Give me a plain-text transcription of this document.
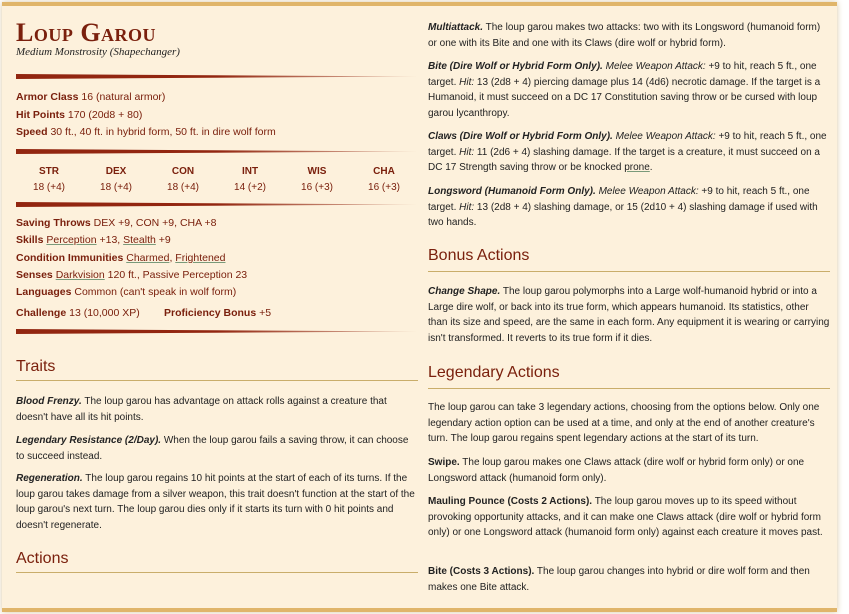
Loup Garou
Medium Monstrosity (Shapechanger)
Armor Class 16 (natural armor)
Hit Points 170 (20d8 + 80)
Speed 30 ft., 40 ft. in hybrid form, 50 ft. in dire wolf form
STR
18 (+4)
DEX
18 (+4)
CON
18 (+4)
INT
14 (+2)
WIS
16 (+3)
CHA
16 (+3)
Saving Throws DEX +9, CON +9, CHA +8
Skills Perception +13, Stealth +9
Condition Immunities Charmed, Frightened
Senses Darkvision 120 ft., Passive Perception 23
Languages Common (can't speak in wolf form)
Challenge 13 (10,000 XP) Proficiency Bonus +5
Traits
Blood Frenzy. The loup garou has advantage on attack rolls against a creature that doesn't have all its hit points.
Legendary Resistance (2/Day). When the loup garou fails a saving throw, it can choose to succeed instead.
Regeneration. The loup garou regains 10 hit points at the start of each of its turns. If the loup garou takes damage from a silver weapon, this trait doesn't function at the start of the loup garou's next turn. The loup garou dies only if it starts its turn with 0 hit points and doesn't regenerate.
Actions
Multiattack. The loup garou makes two attacks: two with its Longsword (humanoid form) or one with its Bite and one with its Claws (dire wolf or hybrid form).
Bite (Dire Wolf or Hybrid Form Only). Melee Weapon Attack: +9 to hit, reach 5 ft., one target. Hit: 13 (2d8 + 4) piercing damage plus 14 (4d6) necrotic damage. If the target is a Humanoid, it must succeed on a DC 17 Constitution saving throw or be cursed with loup garou lycanthropy.
Claws (Dire Wolf or Hybrid Form Only). Melee Weapon Attack: +9 to hit, reach 5 ft., one target. Hit: 11 (2d6 + 4) slashing damage. If the target is a creature, it must succeed on a DC 17 Strength saving throw or be knocked prone.
Longsword (Humanoid Form Only). Melee Weapon Attack: +9 to hit, reach 5 ft., one target. Hit: 13 (2d8 + 4) slashing damage, or 15 (2d10 + 4) slashing damage if used with two hands.
Bonus Actions
Change Shape. The loup garou polymorphs into a Large wolf-humanoid hybrid or into a Large dire wolf, or back into its true form, which appears humanoid. Its statistics, other than its size and speed, are the same in each form. Any equipment it is wearing or carrying isn't transformed. It reverts to its true form if it dies.
Legendary Actions
The loup garou can take 3 legendary actions, choosing from the options below. Only one legendary action option can be used at a time, and only at the end of another creature's turn. The loup garou regains spent legendary actions at the start of its turn.
Swipe. The loup garou makes one Claws attack (dire wolf or hybrid form only) or one Longsword attack (humanoid form only).
Mauling Pounce (Costs 2 Actions). The loup garou moves up to its speed without provoking opportunity attacks, and it can make one Claws attack (dire wolf or hybrid form only) or one Longsword attack (humanoid form only) against each creature it moves past.
Bite (Costs 3 Actions). The loup garou changes into hybrid or dire wolf form and then makes one Bite attack.
